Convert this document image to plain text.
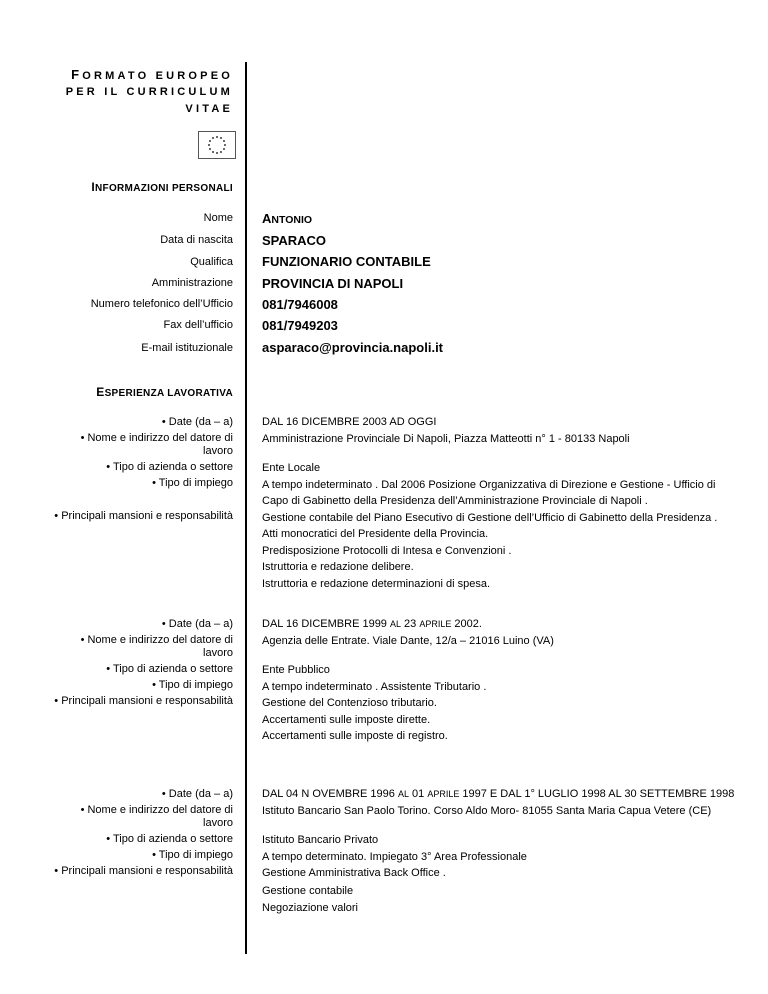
FORMATO EUROPEO
PER IL CURRICULUM
VITAE
INFORMAZIONI PERSONALI
Nome
Data di nascita
Qualifica
Amministrazione
Numero telefonico dell’Ufficio
Fax dell’ufficio
E-mail istituzionale
ANTONIO
SPARACO
FUNZIONARIO CONTABILE
PROVINCIA DI NAPOLI
081/7946008
081/7949203
asparaco@provincia.napoli.it
ESPERIENZA LAVORATIVA
• Date (da – a)
• Nome e indirizzo del datore di lavoro
• Tipo di azienda o settore
• Tipo di impiego
• Principali mansioni e responsabilità
DAL 16 DICEMBRE 2003 AD OGGI
Amministrazione Provinciale Di Napoli, Piazza Matteotti n° 1 - 80133 Napoli
Ente Locale
A tempo indeterminato . Dal 2006 Posizione Organizzativa di Direzione e Gestione - Ufficio di Capo di Gabinetto della Presidenza dell’Amministrazione Provinciale di Napoli .
Gestione contabile del Piano Esecutivo di Gestione dell’Ufficio di Gabinetto della Presidenza .
Atti monocratici del Presidente della Provincia.
Predisposizione Protocolli di Intesa e Convenzioni .
Istruttoria e redazione delibere.
Istruttoria e redazione determinazioni di spesa.
• Date (da – a)
• Nome e indirizzo del datore di lavoro
• Tipo di azienda o settore
• Tipo di impiego
• Principali mansioni e responsabilità
DAL 16 DICEMBRE 1999 AL 23 APRILE 2002.
Agenzia delle Entrate. Viale Dante, 12/a – 21016 Luino (VA)
Ente Pubblico
A tempo indeterminato . Assistente Tributario .
Gestione del Contenzioso tributario.
Accertamenti sulle imposte dirette.
Accertamenti sulle imposte di registro.
• Date (da – a)
• Nome e indirizzo del datore di lavoro
• Tipo di azienda o settore
• Tipo di impiego
• Principali mansioni e responsabilità
DAL 04 N OVEMBRE 1996 AL 01 APRILE 1997 E DAL 1° LUGLIO 1998 AL 30 SETTEMBRE 1998
Istituto Bancario San Paolo Torino. Corso Aldo Moro- 81055 Santa Maria Capua Vetere (CE)
Istituto Bancario Privato
A tempo determinato. Impiegato 3° Area Professionale
Gestione Amministrativa Back Office .
Gestione contabile
Negoziazione valori
